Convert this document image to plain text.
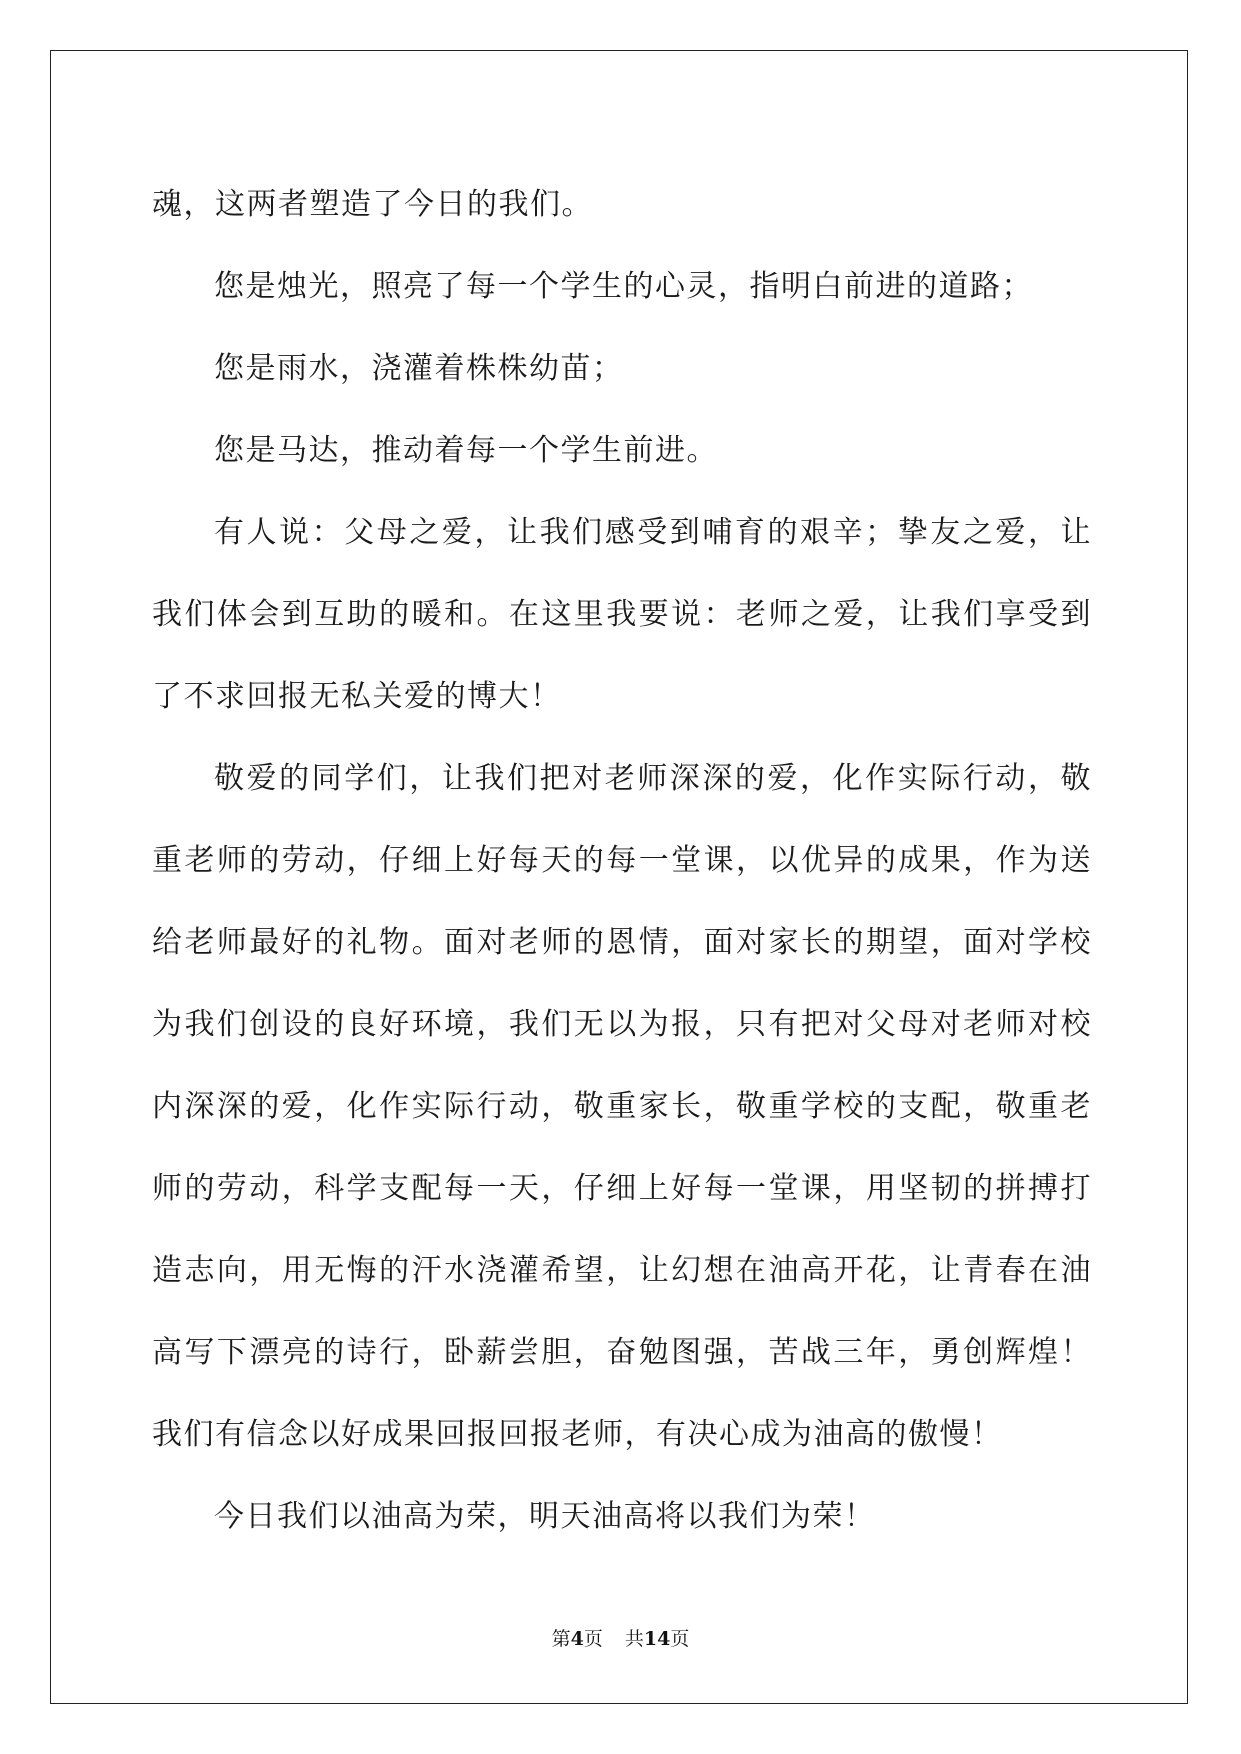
魂，这两者塑造了今日的我们。

您是烛光，照亮了每一个学生的心灵，指明白前进的道路；

您是雨水，浇灌着株株幼苗；

您是马达，推动着每一个学生前进。

有人说：父母之爱，让我们感受到哺育的艰辛；挚友之爱，让我们体会到互助的暖和。在这里我要说：老师之爱，让我们享受到了不求回报无私关爱的博大！

敬爱的同学们，让我们把对老师深深的爱，化作实际行动，敬重老师的劳动，仔细上好每天的每一堂课，以优异的成果，作为送给老师最好的礼物。面对老师的恩情，面对家长的期望，面对学校为我们创设的良好环境，我们无以为报，只有把对父母对老师对校内深深的爱，化作实际行动，敬重家长，敬重学校的支配，敬重老师的劳动，科学支配每一天，仔细上好每一堂课，用坚韧的拼搏打造志向，用无悔的汗水浇灌希望，让幻想在油高开花，让青春在油高写下漂亮的诗行，卧薪尝胆，奋勉图强，苦战三年，勇创辉煌！我们有信念以好成果回报回报老师，有决心成为油高的傲慢！

今日我们以油高为荣，明天油高将以我们为荣！

第4页 共14页
